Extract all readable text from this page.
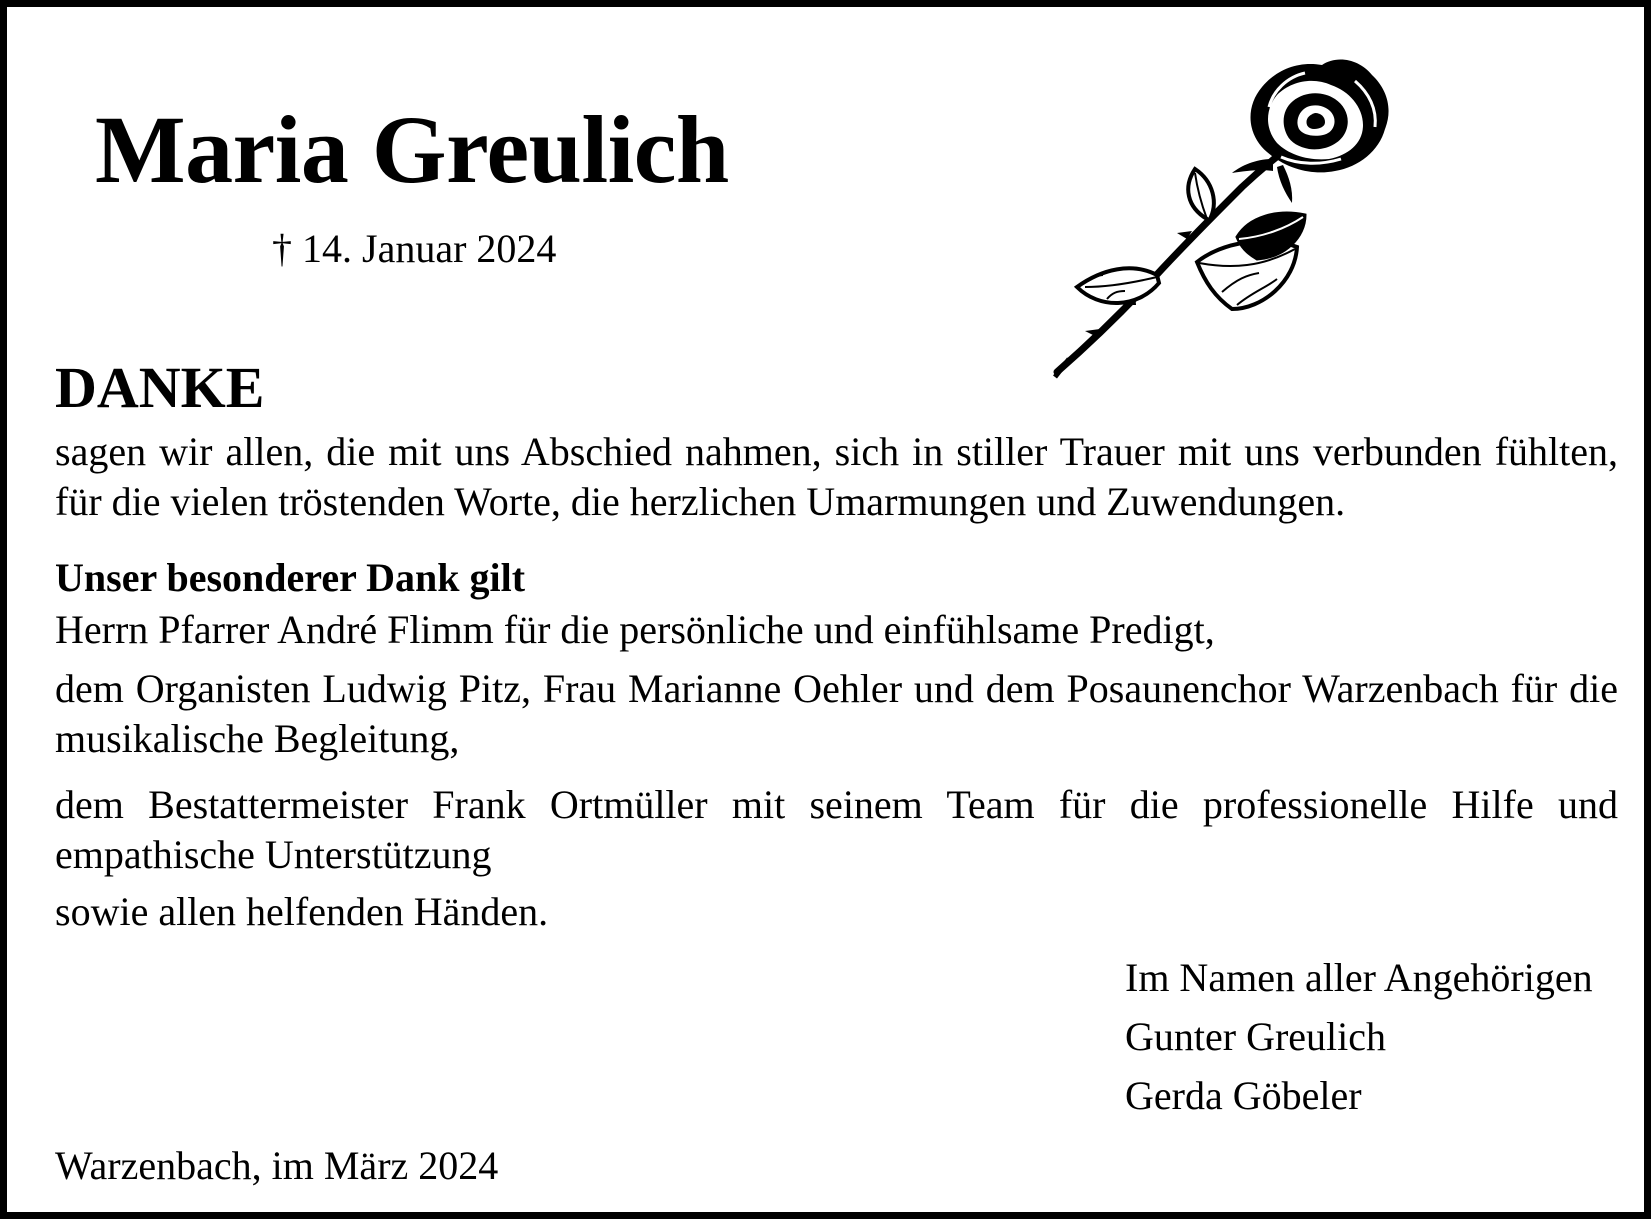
Maria Greulich
† 14. Januar 2024
DANKE
sagen wir allen, die mit uns Abschied nahmen, sich in stiller Trauer mit uns verbunden fühlten, für die vielen tröstenden Worte, die herzlichen Umarmungen und Zuwendungen.
Unser besonderer Dank gilt
Herrn Pfarrer André Flimm für die persönliche und einfühlsame Predigt,
dem Organisten Ludwig Pitz, Frau Marianne Oehler und dem Posaunenchor Warzenbach für die musikalische Begleitung,
dem Bestattermeister Frank Ortmüller mit seinem Team für die professionelle Hilfe und empathische Unterstützung
sowie allen helfenden Händen.
Im Namen aller Angehörigen
Gunter Greulich
Gerda Göbeler
Warzenbach, im März 2024
